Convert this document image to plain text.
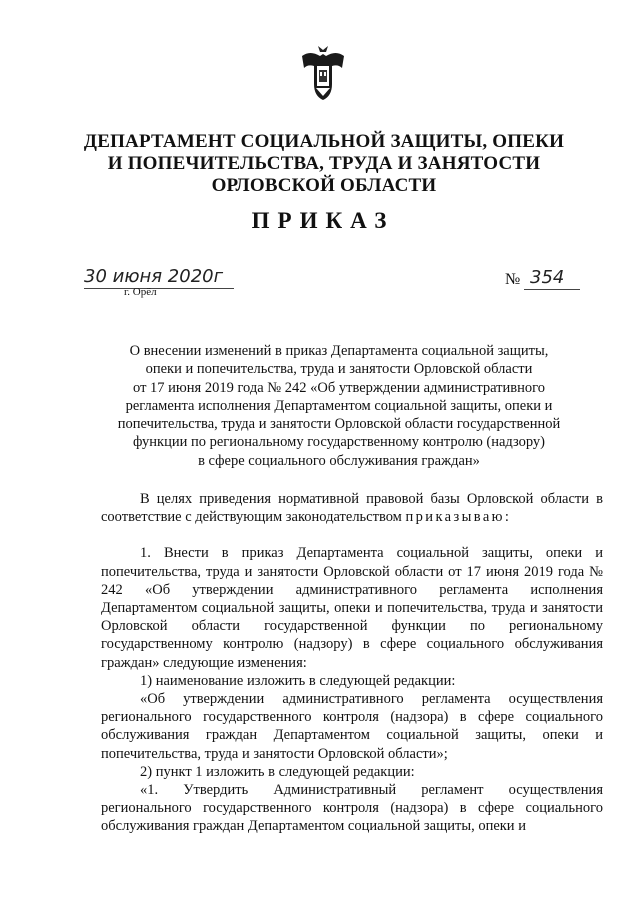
ДЕПАРТАМЕНТ СОЦИАЛЬНОЙ ЗАЩИТЫ, ОПЕКИ
И ПОПЕЧИТЕЛЬСТВА, ТРУДА И ЗАНЯТОСТИ
ОРЛОВСКОЙ ОБЛАСТИ
ПРИКАЗ
30 июня 2020г
г. Орёл
№ 354
О внесении изменений в приказ Департамента социальной защиты,
опеки и попечительства, труда и занятости Орловской области
от 17 июня 2019 года № 242 «Об утверждении административного
регламента исполнения Департаментом социальной защиты, опеки и
попечительства, труда и занятости Орловской области государственной
функции по региональному государственному контролю (надзору)
в сфере социального обслуживания граждан»

В целях приведения нормативной правовой базы Орловской области в соответствие с действующим законодательством приказываю:

1. Внести в приказ Департамента социальной защиты, опеки и попечительства, труда и занятости Орловской области от 17 июня 2019 года № 242 «Об утверждении административного регламента исполнения Департаментом социальной защиты, опеки и попечительства, труда и занятости Орловской области государственной функции по региональному государственному контролю (надзору) в сфере социального обслуживания граждан» следующие изменения:

1) наименование изложить в следующей редакции:

«Об утверждении административного регламента осуществления регионального государственного контроля (надзора) в сфере социального обслуживания граждан Департаментом социальной защиты, опеки и попечительства, труда и занятости Орловской области»;

2) пункт 1 изложить в следующей редакции:

«1. Утвердить Административный регламент осуществления регионального государственного контроля (надзора) в сфере социального обслуживания граждан Департаментом социальной защиты, опеки и
